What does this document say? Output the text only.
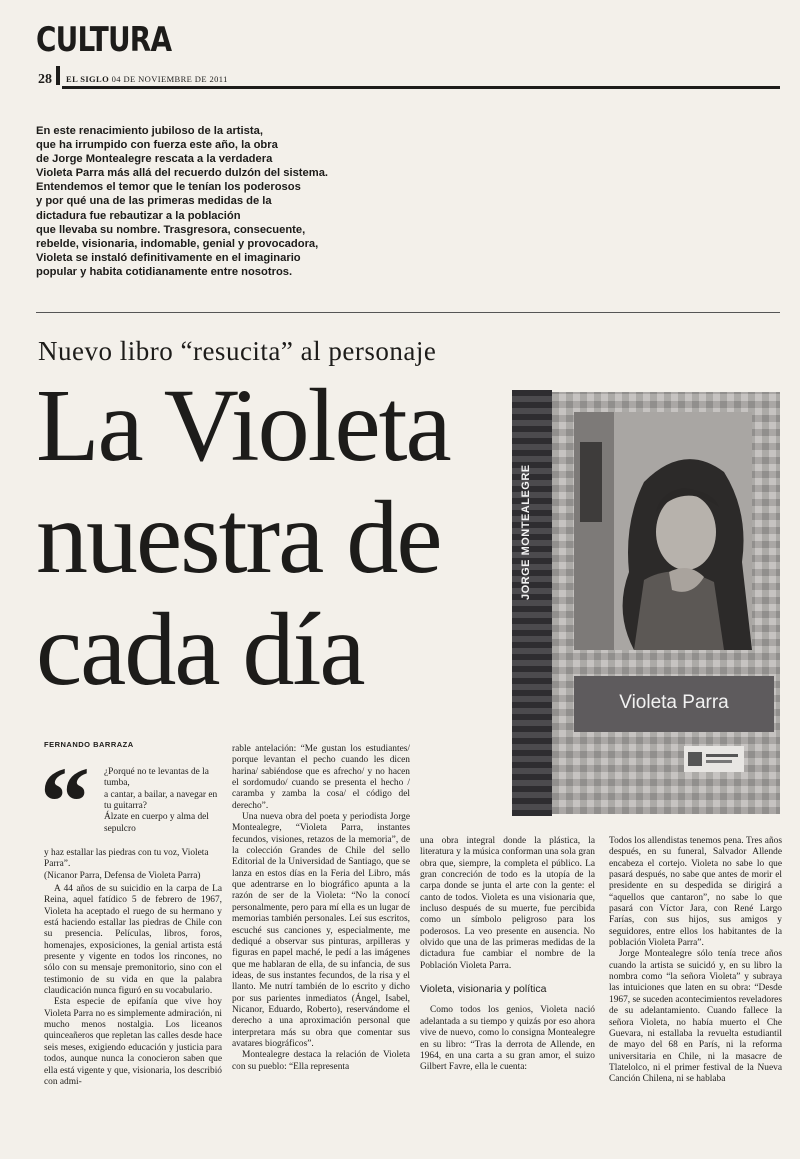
CULTURA
28 EL SIGLO 04 DE NOVIEMBRE DE 2011
En este renacimiento jubiloso de la artista,
que ha irrumpido con fuerza este año, la obra
de Jorge Montealegre rescata a la verdadera
Violeta Parra más allá del recuerdo dulzón del sistema.
Entendemos el temor que le tenían los poderosos
y por qué una de las primeras medidas de la
dictadura fue rebautizar a la población
que llevaba su nombre. Trasgresora, consecuente,
rebelde, visionaria, indomable, genial y provocadora,
Violeta se instaló definitivamente en el imaginario
popular y habita cotidianamente entre nosotros.
Nuevo libro “resucita” al personaje
La Violeta
nuestra de
cada día
JORGE MONTEALEGRE
Violeta Parra
FERNANDO BARRAZA
“ ¿Porqué no te levantas de la tumba,
a cantar, a bailar, a navegar en tu guitarra?
Álzate en cuerpo y alma del sepulcro
y haz estallar las piedras con tu voz, Violeta Parra”.
(Nicanor Parra, Defensa de Violeta Parra)

A 44 años de su suicidio en la carpa de La Reina, aquel fatídico 5 de febrero de 1967, Violeta ha aceptado el ruego de su hermano y está haciendo estallar las piedras de Chile con su presencia. Películas, libros, foros, homenajes, exposiciones, la genial artista está presente y vigente en todos los rincones, no sólo con su mensaje premonitorio, sino con el testimonio de su vida en que la palabra claudicación nunca figuró en su vocabulario.

Esta especie de epifanía que vive hoy Violeta Parra no es simplemente admiración, ni mucho menos nostalgia. Los liceanos quinceañeros que repletan las calles desde hace seis meses, exigiendo educación y justicia para todos, aunque nunca la conocieron saben que ella está vigente y que, visionaria, los describió con admi-

rable antelación: “Me gustan los estudiantes/ porque levantan el pecho cuando les dicen harina/ sabiéndose que es afrecho/ y no hacen el sordomudo/ cuando se presenta el hecho / caramba y zamba la cosa/ el código del derecho”.

Una nueva obra del poeta y periodista Jorge Montealegre, “Violeta Parra, instantes fecundos, visiones, retazos de la memoria”, de la colección Grandes de Chile del sello Editorial de la Universidad de Santiago, que se lanza en estos días en la Feria del Libro, más que adentrarse en lo biográfico apunta a la razón de ser de la Violeta: “No la conocí personalmente, pero para mí ella es un lugar de memorias también personales. Leí sus escritos, escuché sus canciones y, especialmente, me dediqué a observar sus pinturas, arpilleras y figuras en papel maché, le pedí a las imágenes que me hablaran de ella, de su infancia, de sus ideas, de sus instantes fecundos, de la risa y el llanto. Me nutrí también de lo escrito y dicho por sus parientes inmediatos (Ángel, Isabel, Nicanor, Eduardo, Roberto), reservándome el derecho a una aproximación personal que interpretara más su obra que comentar sus avatares biográficos”.

Montealegre destaca la relación de Violeta con su pueblo: “Ella representa

una obra integral donde la plástica, la literatura y la música conforman una sola gran obra que, siempre, la completa el público. La gran concreción de todo es la utopía de la carpa donde se junta el arte con la gente: el canto de todos. Violeta es una visionaria que, incluso después de su muerte, fue percibida como un símbolo peligroso para los poderosos. La veo presente en ausencia. No olvido que una de las primeras medidas de la dictadura fue cambiar el nombre de la Población Violeta Parra.

Violeta, visionaria y política

Como todos los genios, Violeta nació adelantada a su tiempo y quizás por eso ahora vive de nuevo, como lo consigna Montealegre en su libro: “Tras la derrota de Allende, en 1964, en una carta a su gran amor, el suizo Gilbert Favre, ella le cuenta:

Todos los allendistas tenemos pena. Tres años después, en su funeral, Salvador Allende encabeza el cortejo. Violeta no sabe lo que pasará después, no sabe que antes de morir el presidente en su despedida se dirigirá a “aquellos que cantaron”, no sabe lo que pasará con Víctor Jara, con René Largo Farías, con sus hijos, sus amigos y seguidores, entre ellos los habitantes de la población Violeta Parra”.

Jorge Montealegre sólo tenía trece años cuando la artista se suicidó y, en su libro la nombra como “la señora Violeta” y subraya las intuiciones que laten en su obra: “Desde 1967, se suceden acontecimientos reveladores de su adelantamiento. Cuando fallece la señora Violeta, no había muerto el Che Guevara, ni estallaba la revuelta estudiantil de mayo del 68 en París, ni la reforma universitaria en Chile, ni la masacre de Tlatelolco, ni el primer festival de la Nueva Canción Chilena, ni se hablaba
